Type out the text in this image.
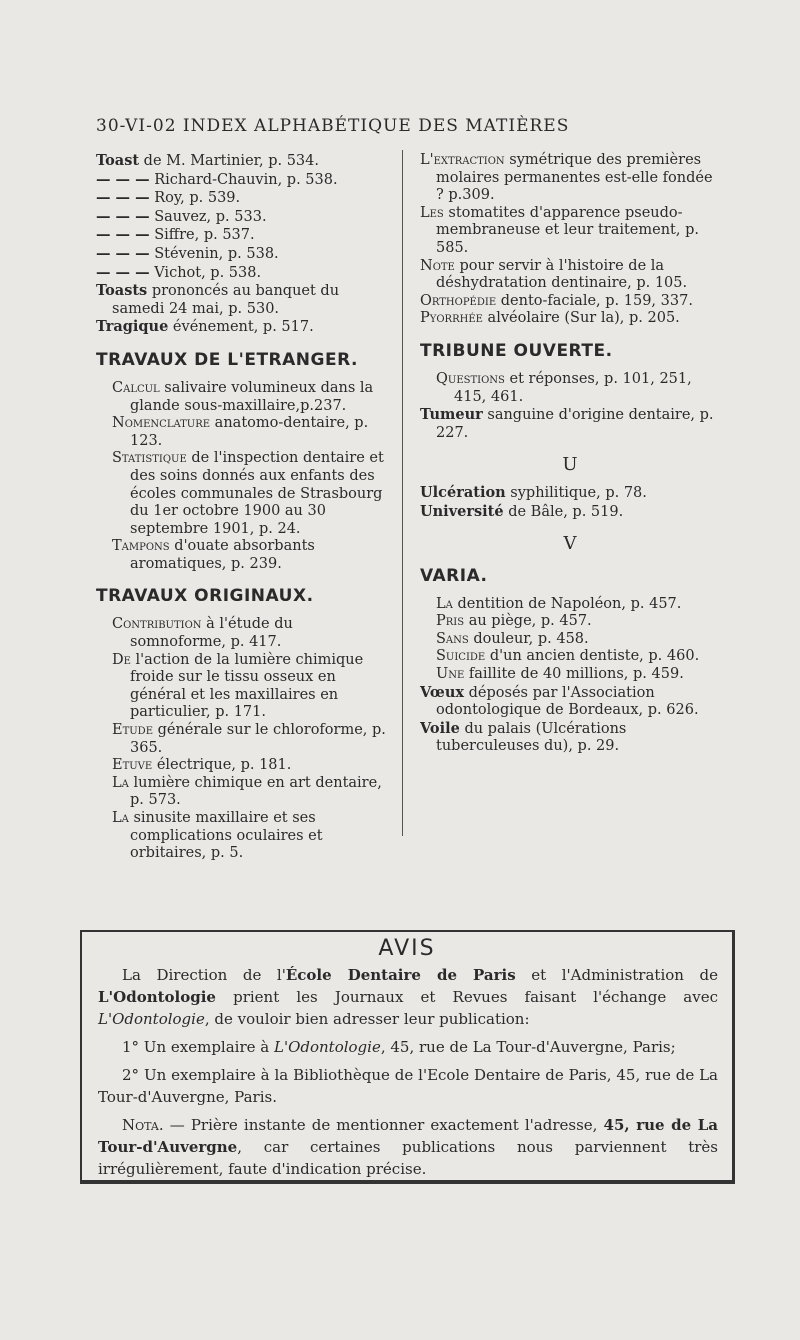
30-VI-02 INDEX ALPHABÉTIQUE DES MATIÈRES
Toast de M. Martinier, p. 534.
— — — Richard-Chauvin, p. 538.
— — — Roy, p. 539.
— — — Sauvez, p. 533.
— — — Siffre, p. 537.
— — — Stévenin, p. 538.
— — — Vichot, p. 538.
Toasts prononcés au banquet du samedi 24 mai, p. 530.
Tragique événement, p. 517.
TRAVAUX DE L'ETRANGER.
Calcul salivaire volumineux dans la glande sous-maxillaire,p.237.
Nomenclature anatomo-dentaire, p. 123.
Statistique de l'inspection dentaire et des soins donnés aux enfants des écoles communales de Strasbourg du 1er octobre 1900 au 30 septembre 1901, p. 24.
Tampons d'ouate absorbants aromatiques, p. 239.
TRAVAUX ORIGINAUX.
Contribution à l'étude du somnoforme, p. 417.
De l'action de la lumière chimique froide sur le tissu osseux en général et les maxillaires en particulier, p. 171.
Etude générale sur le chloroforme, p. 365.
Etuve électrique, p. 181.
La lumière chimique en art dentaire, p. 573.
La sinusite maxillaire et ses complications oculaires et orbitaires, p. 5.
L'extraction symétrique des premières molaires permanentes est-elle fondée ? p.309.
Les stomatites d'apparence pseudo-membraneuse et leur traitement, p. 585.
Note pour servir à l'histoire de la déshydratation dentinaire, p. 105.
Orthopédie dento-faciale, p. 159, 337.
Pyorrhée alvéolaire (Sur la), p. 205.
TRIBUNE OUVERTE.
Questions et réponses, p. 101, 251, 415, 461.
Tumeur sanguine d'origine dentaire, p. 227.
U
Ulcération syphilitique, p. 78.
Université de Bâle, p. 519.
V
VARIA.
La dentition de Napoléon, p. 457.
Pris au piège, p. 457.
Sans douleur, p. 458.
Suicide d'un ancien dentiste, p. 460.
Une faillite de 40 millions, p. 459.
Vœux déposés par l'Association odontologique de Bordeaux, p. 626.
Voile du palais (Ulcérations tuberculeuses du), p. 29.
AVIS

La Direction de l'École Dentaire de Paris et l'Administration de L'Odontologie prient les Journaux et Revues faisant l'échange avec L'Odontologie, de vouloir bien adresser leur publication:

1° Un exemplaire à L'Odontologie, 45, rue de La Tour-d'Auvergne, Paris;

2° Un exemplaire à la Bibliothèque de l'Ecole Dentaire de Paris, 45, rue de La Tour-d'Auvergne, Paris.

Nota. — Prière instante de mentionner exactement l'adresse, 45, rue de La Tour-d'Auvergne, car certaines publications nous parviennent très irrégulièrement, faute d'indication précise.
